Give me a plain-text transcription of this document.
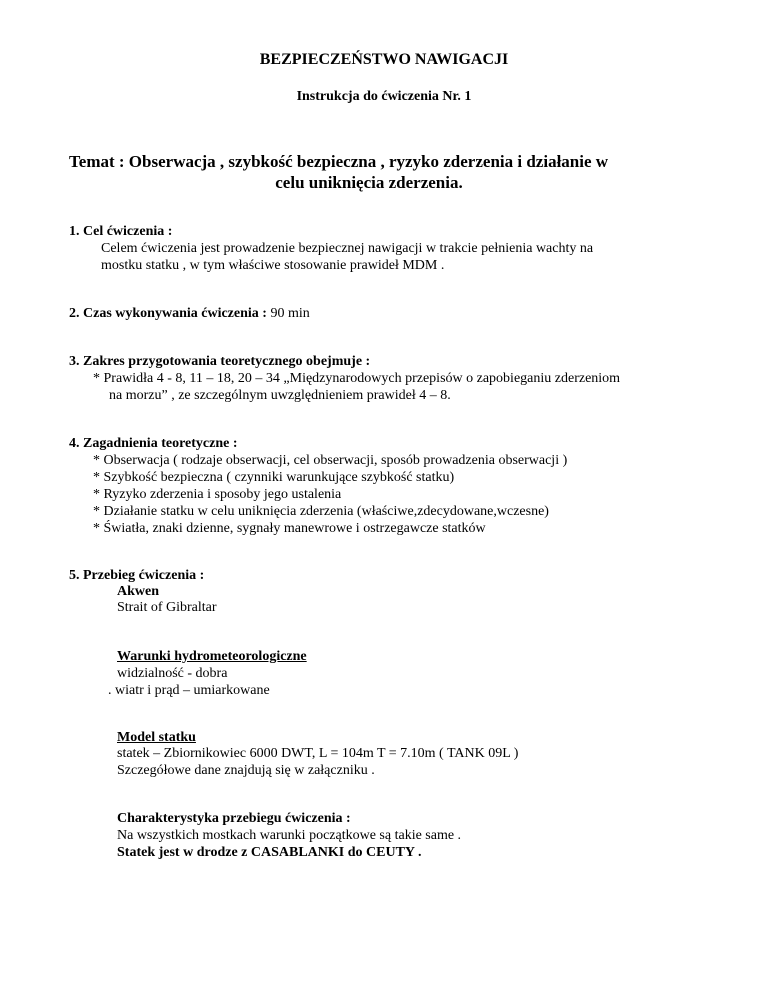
BEZPIECZEŃSTWO NAWIGACJI
Instrukcja do ćwiczenia Nr. 1
Temat : Obserwacja , szybkość bezpieczna , ryzyko zderzenia i działanie w
celu uniknięcia zderzenia.
1. Cel ćwiczenia :
Celem ćwiczenia jest prowadzenie bezpiecznej nawigacji w trakcie pełnienia wachty na
mostku statku , w tym właściwe stosowanie prawideł MDM .
2. Czas wykonywania ćwiczenia : 90 min
3. Zakres przygotowania teoretycznego obejmuje :
* Prawidła 4 - 8, 11 – 18, 20 – 34 „Międzynarodowych przepisów o zapobieganiu zderzeniom
na morzu” , ze szczególnym uwzględnieniem prawideł 4 – 8.
4. Zagadnienia teoretyczne :
* Obserwacja ( rodzaje obserwacji, cel obserwacji, sposób prowadzenia obserwacji )
* Szybkość bezpieczna ( czynniki warunkujące szybkość statku)
* Ryzyko zderzenia i sposoby jego ustalenia
* Działanie statku w celu uniknięcia zderzenia (właściwe,zdecydowane,wczesne)
* Światła, znaki dzienne, sygnały manewrowe i ostrzegawcze statków
5. Przebieg ćwiczenia :
Akwen
Strait of Gibraltar
Warunki hydrometeorologiczne
widzialność - dobra
. wiatr i prąd – umiarkowane
Model statku
statek – Zbiornikowiec 6000 DWT, L = 104m T = 7.10m ( TANK 09L )
Szczegółowe dane znajdują się w załączniku .
Charakterystyka przebiegu ćwiczenia :
Na wszystkich mostkach warunki początkowe są takie same .
Statek jest w drodze z CASABLANKI do CEUTY .
